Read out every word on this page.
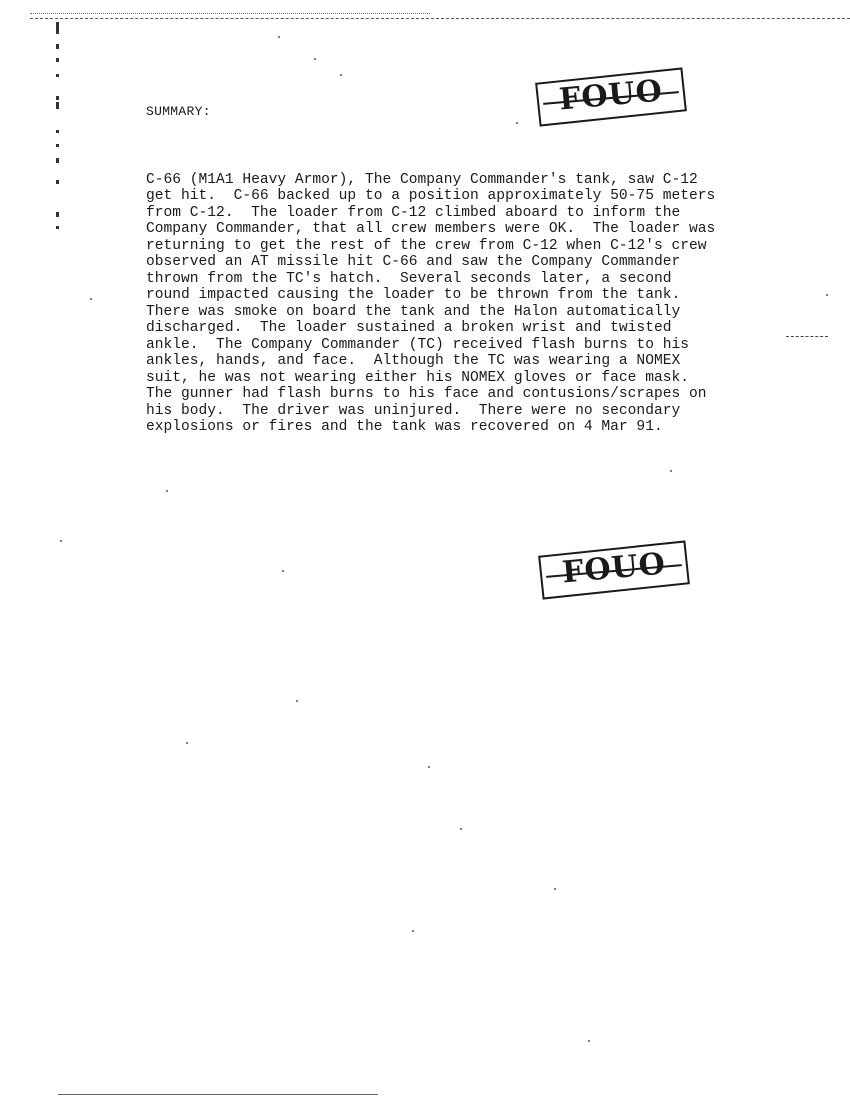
SUMMARY:	FOUO

C-66 (M1A1 Heavy Armor), The Company Commander's tank, saw C-12
get hit.  C-66 backed up to a position approximately 50-75 meters
from C-12.  The loader from C-12 climbed aboard to inform the
Company Commander, that all crew members were OK.  The loader was
returning to get the rest of the crew from C-12 when C-12's crew
observed an AT missile hit C-66 and saw the Company Commander
thrown from the TC's hatch.  Several seconds later, a second
round impacted causing the loader to be thrown from the tank.
There was smoke on board the tank and the Halon automatically
discharged.  The loader sustained a broken wrist and twisted
ankle.  The Company Commander (TC) received flash burns to his
ankles, hands, and face.  Although the TC was wearing a NOMEX
suit, he was not wearing either his NOMEX gloves or face mask.
The gunner had flash burns to his face and contusions/scrapes on
his body.  The driver was uninjured.  There were no secondary
explosions or fires and the tank was recovered on 4 Mar 91.
FOUO
